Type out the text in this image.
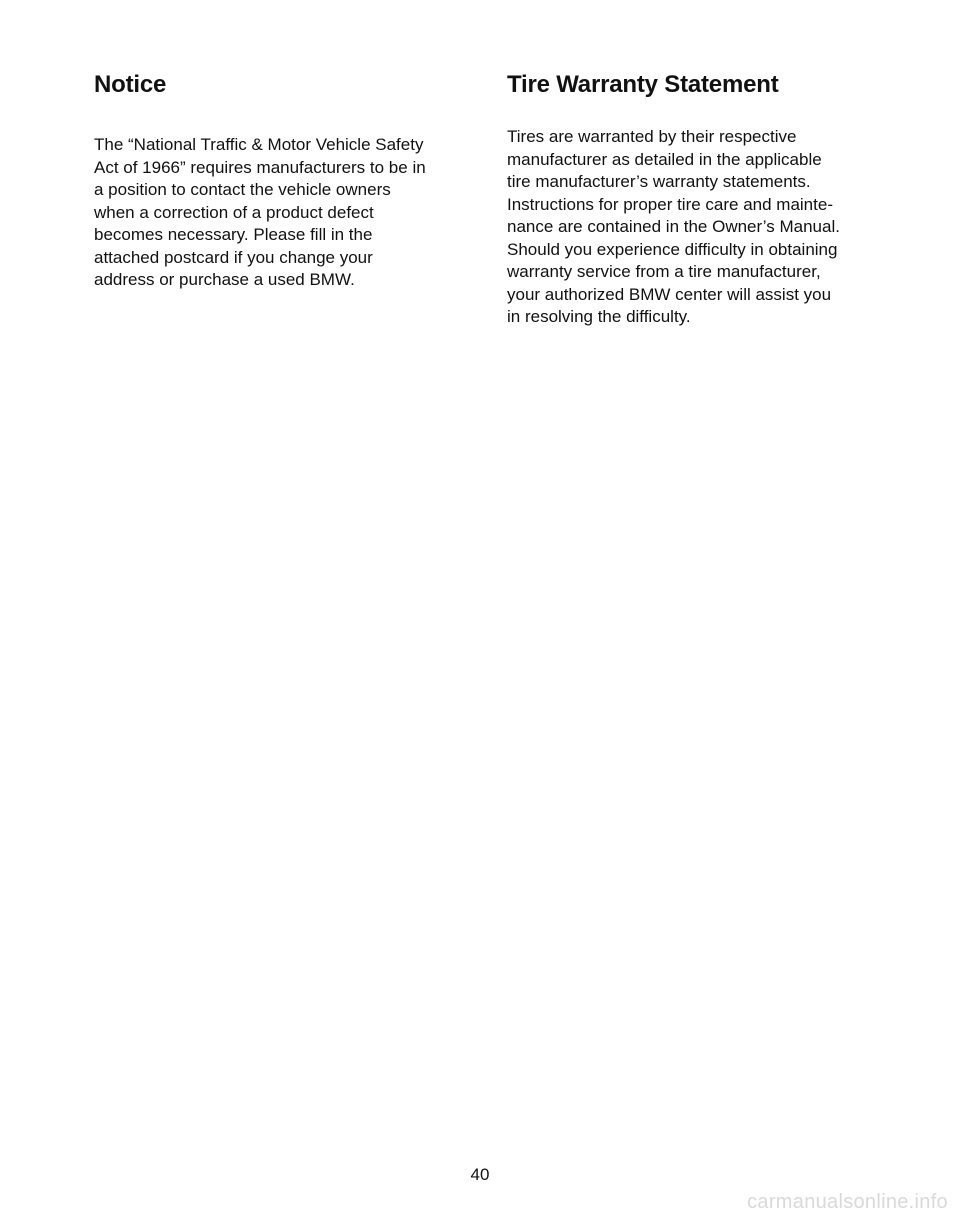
Notice

The “National Traffic & Motor Vehicle Safety
Act of 1966” requires manufacturers to be in
a position to contact the vehicle owners
when a correction of a product defect
becomes necessary. Please fill in the
attached postcard if you change your
address or purchase a used BMW.

Tire Warranty Statement

Tires are warranted by their respective
manufacturer as detailed in the applicable
tire manufacturer’s warranty statements.
Instructions for proper tire care and mainte-
nance are contained in the Owner’s Manual.
Should you experience difficulty in obtaining
warranty service from a tire manufacturer,
your authorized BMW center will assist you
in resolving the difficulty.

40
carmanualsonline.info
